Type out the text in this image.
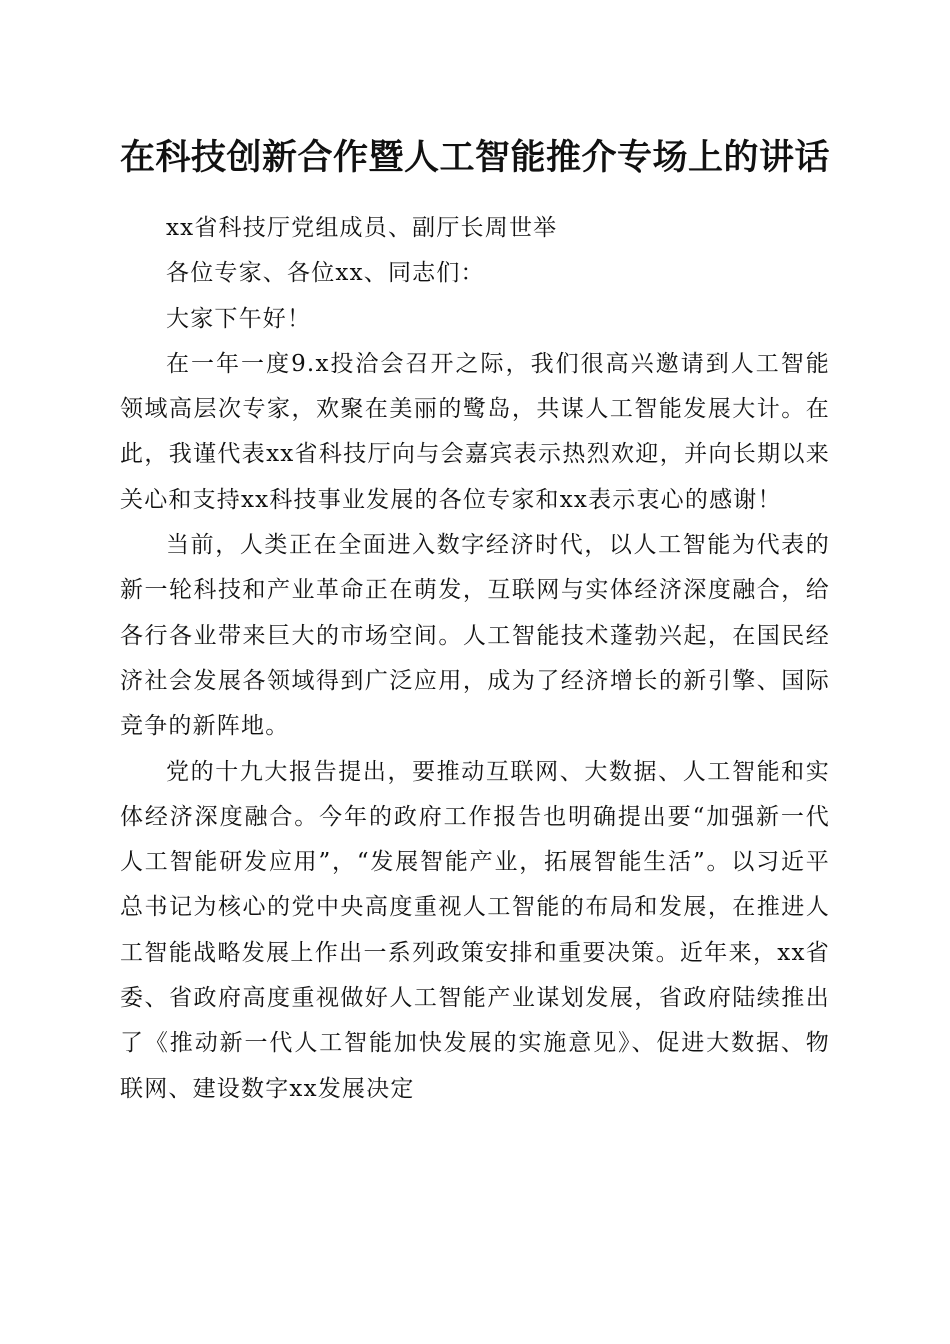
在科技创新合作暨人工智能推介专场上的讲话

xx省科技厅党组成员、副厅长周世举

各位专家、各位xx、同志们：

大家下午好！

在一年一度9.x投洽会召开之际，我们很高兴邀请到人工智能领域高层次专家，欢聚在美丽的鹭岛，共谋人工智能发展大计。在此，我谨代表xx省科技厅向与会嘉宾表示热烈欢迎，并向长期以来关心和支持xx科技事业发展的各位专家和xx表示衷心的感谢！

当前，人类正在全面进入数字经济时代，以人工智能为代表的新一轮科技和产业革命正在萌发，互联网与实体经济深度融合，给各行各业带来巨大的市场空间。人工智能技术蓬勃兴起，在国民经济社会发展各领域得到广泛应用，成为了经济增长的新引擎、国际竞争的新阵地。

党的十九大报告提出，要推动互联网、大数据、人工智能和实体经济深度融合。今年的政府工作报告也明确提出要“加强新一代人工智能研发应用”，“发展智能产业，拓展智能生活”。以习近平总书记为核心的党中央高度重视人工智能的布局和发展，在推进人工智能战略发展上作出一系列政策安排和重要决策。近年来，xx省委、省政府高度重视做好人工智能产业谋划发展，省政府陆续推出了《推动新一代人工智能加快发展的实施意见》、促进大数据、物联网、建设数字xx发展决定
